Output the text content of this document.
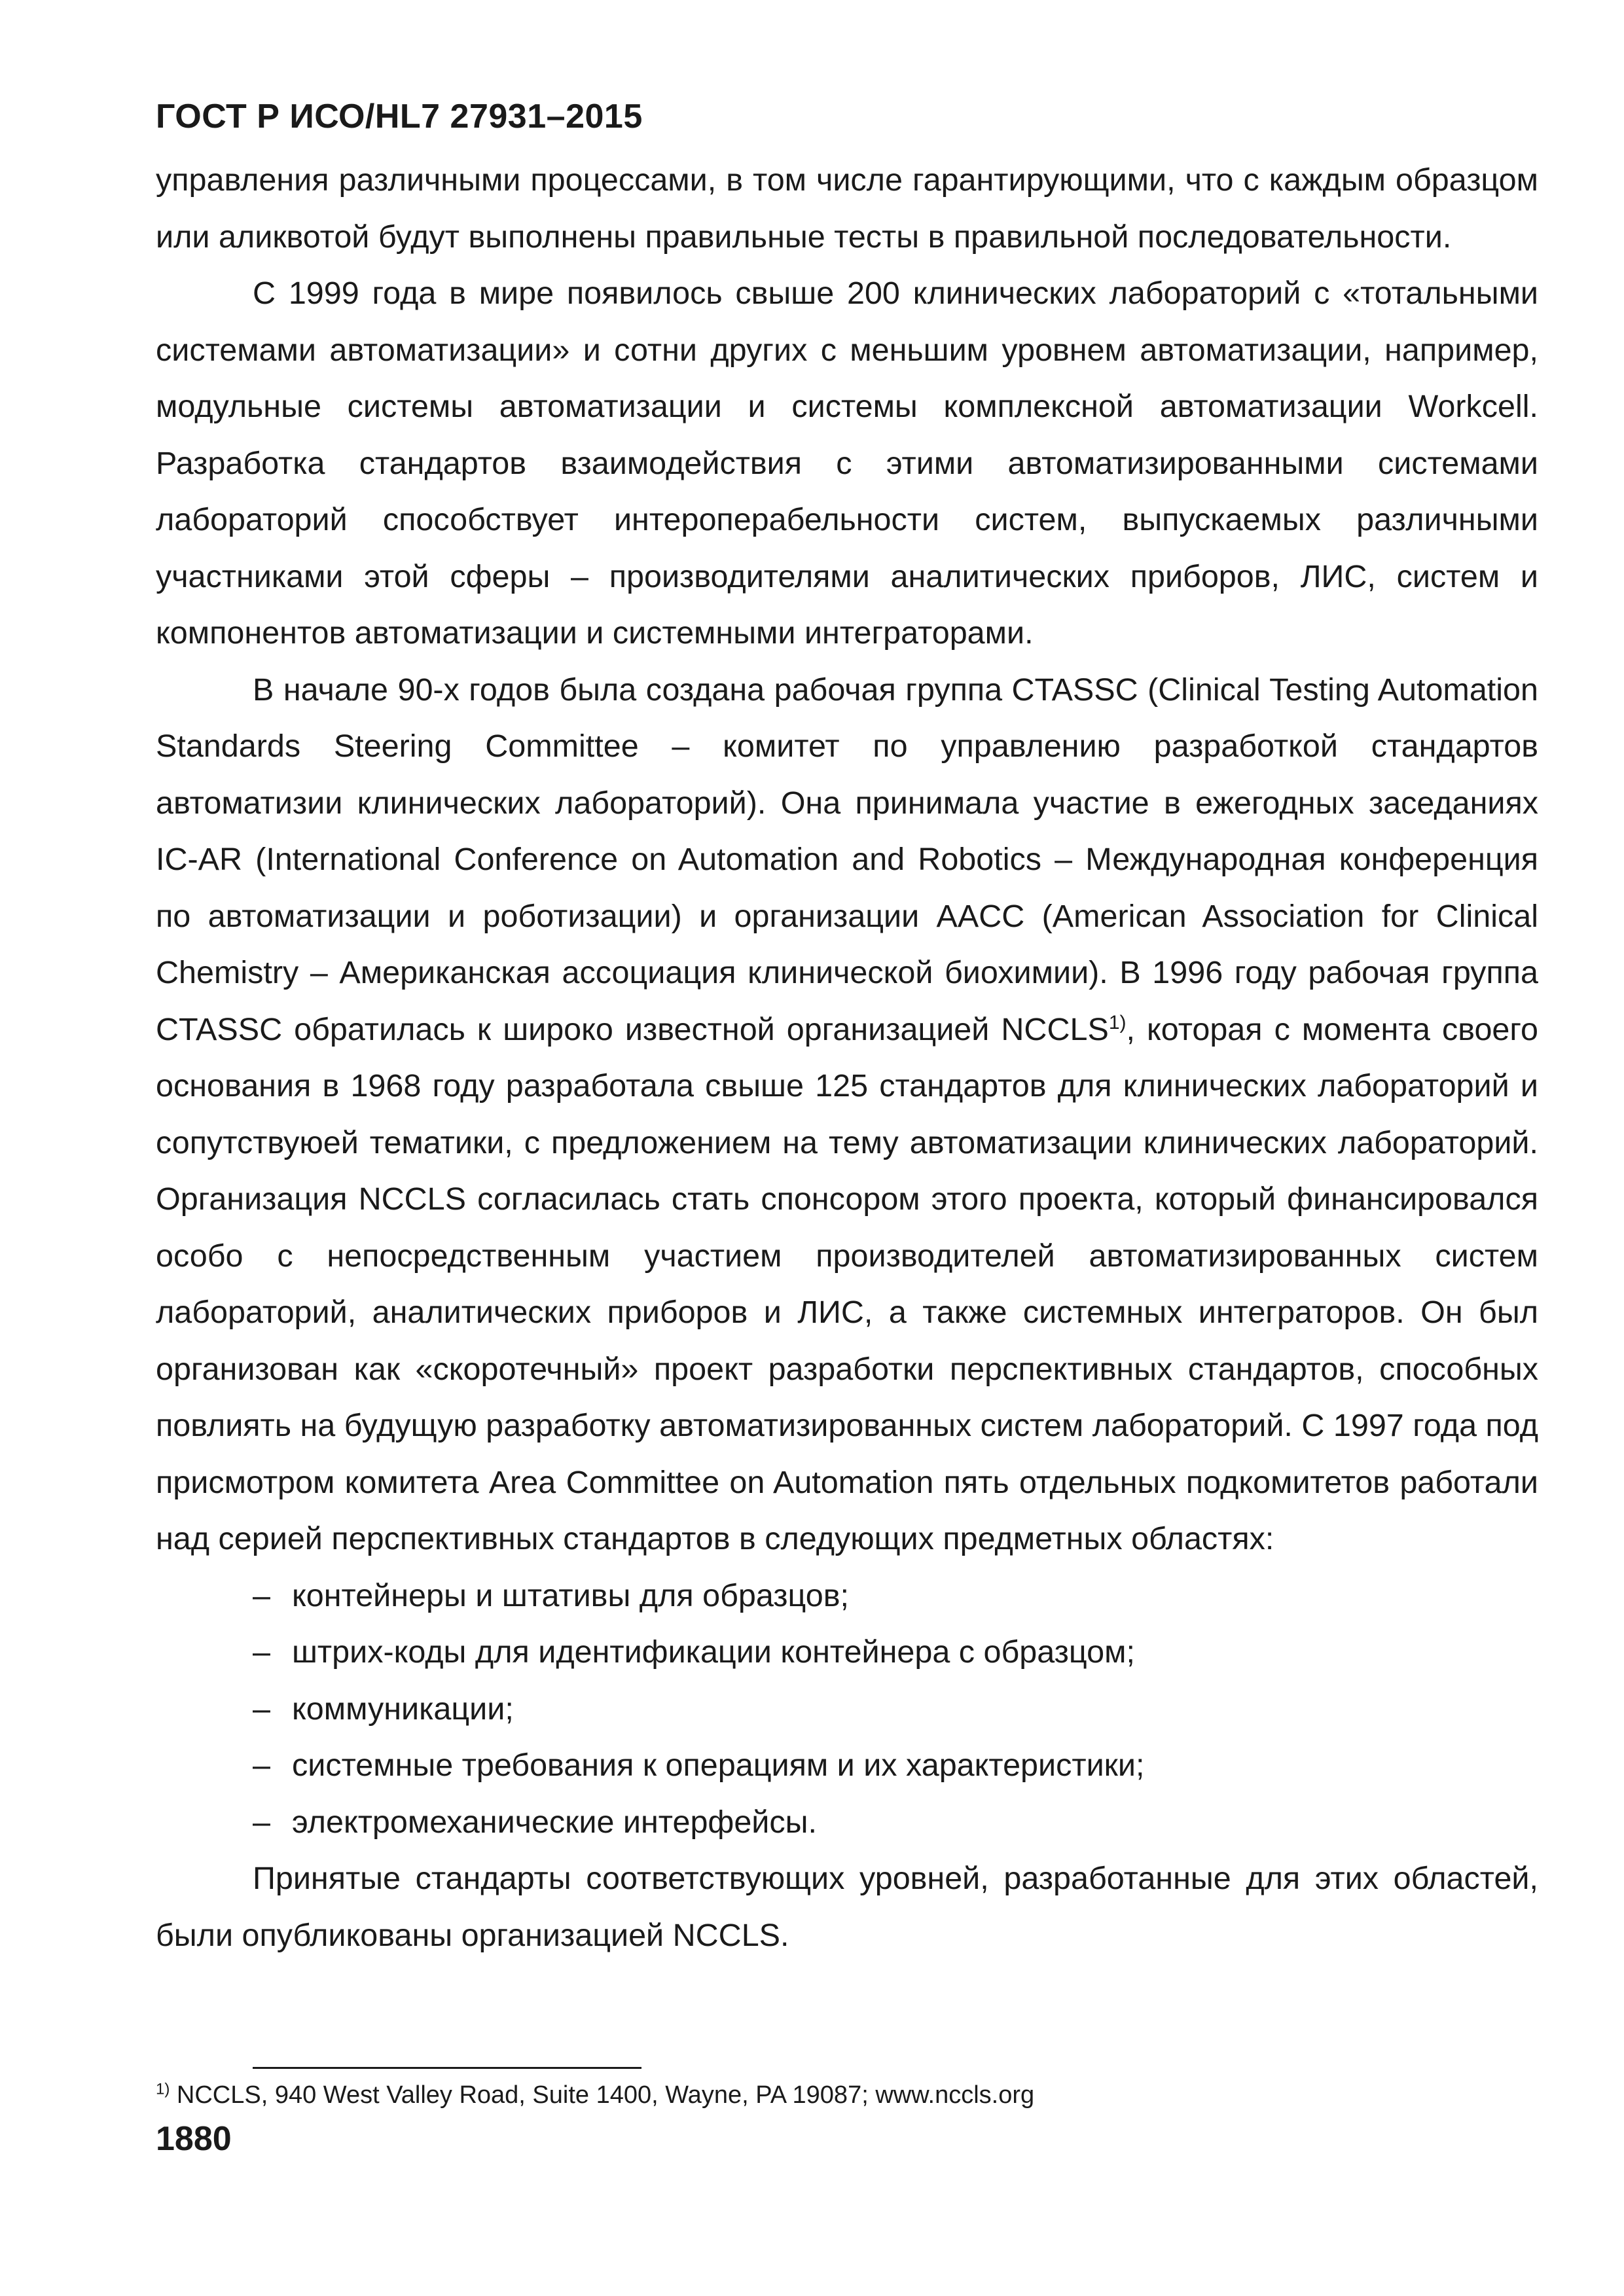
ГОСТ Р ИСО/HL7 27931–2015

управления различными процессами, в том числе гарантирующими, что с каждым образцом или аликвотой будут выполнены правильные тесты в правильной последовательности.

С 1999 года в мире появилось свыше 200 клинических лабораторий с «тотальными системами автоматизации» и сотни других с меньшим уровнем автоматизации, например, модульные системы автоматизации и системы комплексной автоматизации Workcell. Разработка стандартов взаимодействия с этими автоматизированными системами лабораторий способствует интероперабельности систем, выпускаемых различными участниками этой сферы – производителями аналитических приборов, ЛИС, систем и компонентов автоматизации и системными интеграторами.

В начале 90-х годов была создана рабочая группа CTASSC (Clinical Testing Automation Standards Steering Committee – комитет по управлению разработкой стандартов автоматизии клинических лабораторий). Она принимала участие в ежегодных заседаниях IC-AR (International Conference on Automation and Robotics – Международная конференция по автоматизации и роботизации) и организации AACC (American Association for Clinical Chemistry – Американская ассоциация клинической биохимии). В 1996 году рабочая группа CTASSC обратилась к широко известной организацией NCCLS$^{1)}$, которая с момента своего основания в 1968 году разработала свыше 125 стандартов для клинических лабораторий и сопутствуюей тематики, с предложением на тему автоматизации клинических лабораторий. Организация NCCLS согласилась стать спонсором этого проекта, который финансировался особо с непосредственным участием производителей автоматизированных систем лабораторий, аналитических приборов и ЛИС, а также системных интеграторов. Он был организован как «скоротечный» проект разработки перспективных стандартов, способных повлиять на будущую разработку автоматизированных систем лабораторий. С 1997 года под присмотром комитета Area Committee on Automation пять отдельных подкомитетов работали над серией перспективных стандартов в следующих предметных областях:

– контейнеры и штативы для образцов;
– штрих-коды для идентификации контейнера с образцом;
– коммуникации;
– системные требования к операциям и их характеристики;
– электромеханические интерфейсы.

Принятые стандарты соответствующих уровней, разработанные для этих областей, были опубликованы организацией NCCLS.

$^{1)}$ NCCLS, 940 West Valley Road, Suite 1400, Wayne, PA 19087; www.nccls.org
1880
